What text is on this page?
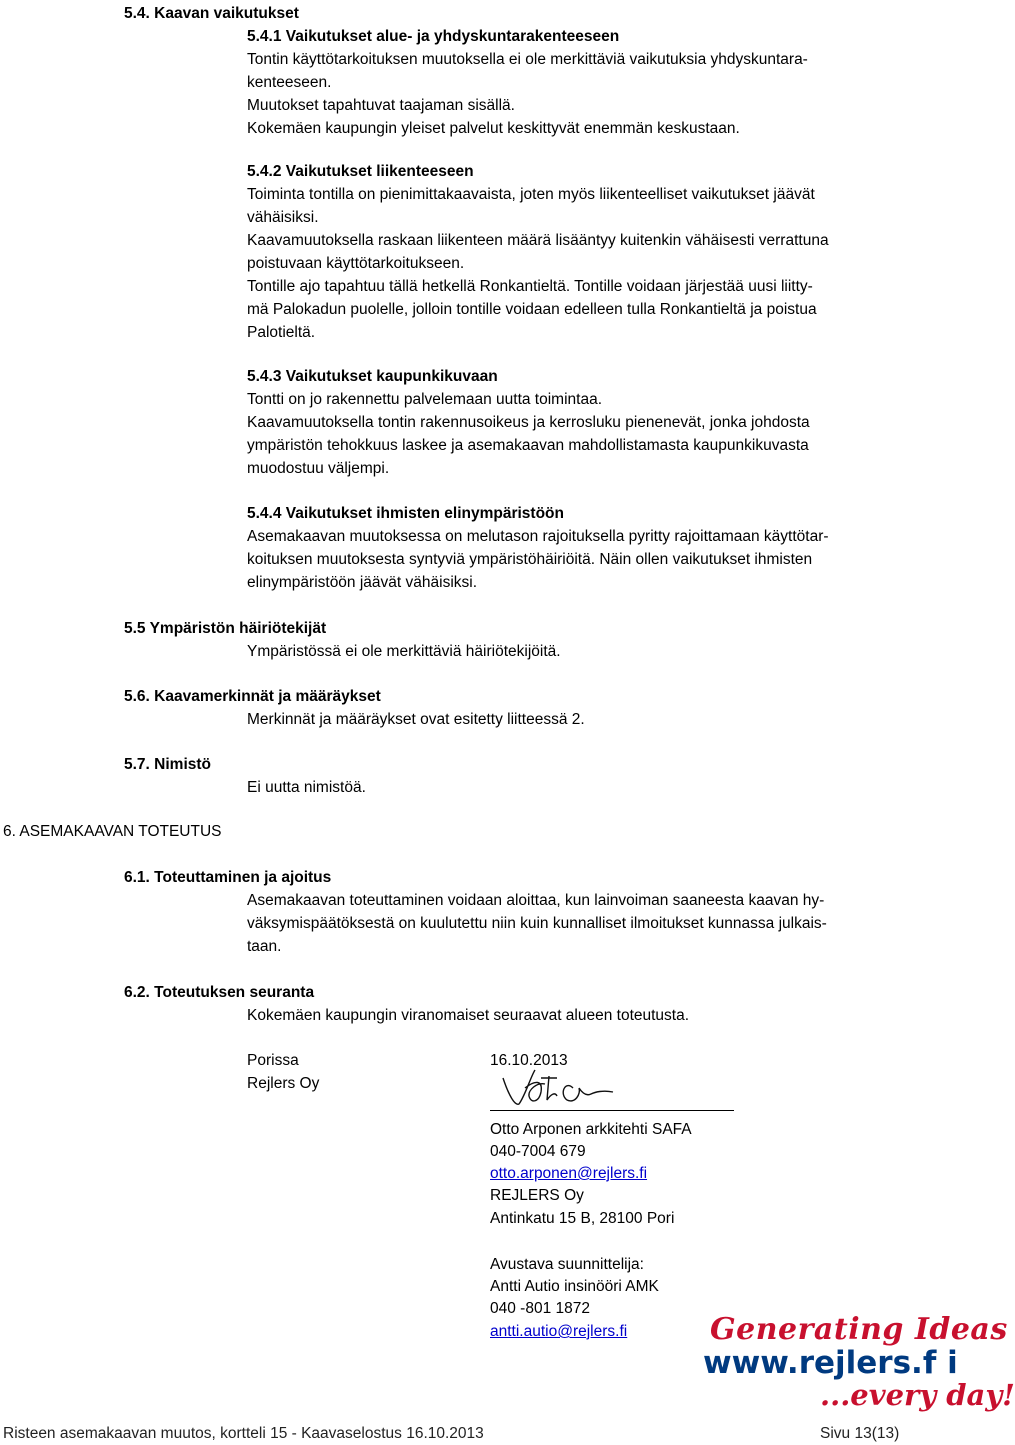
5.4. Kaavan vaikutukset
5.4.1 Vaikutukset alue- ja yhdyskuntarakenteeseen
Tontin käyttötarkoituksen muutoksella ei ole merkittäviä vaikutuksia yhdyskuntara-
kenteeseen.
Muutokset tapahtuvat taajaman sisällä.
Kokemäen kaupungin yleiset palvelut keskittyvät enemmän keskustaan.
5.4.2 Vaikutukset liikenteeseen
Toiminta tontilla on pienimittakaavaista, joten myös liikenteelliset vaikutukset jäävät
vähäisiksi.
Kaavamuutoksella raskaan liikenteen määrä lisääntyy kuitenkin vähäisesti verrattuna
poistuvaan käyttötarkoitukseen.
Tontille ajo tapahtuu tällä hetkellä Ronkantieltä. Tontille voidaan järjestää uusi liitty-
mä Palokadun puolelle, jolloin tontille voidaan edelleen tulla Ronkantieltä ja poistua
Palotieltä.
5.4.3 Vaikutukset kaupunkikuvaan
Tontti on jo rakennettu palvelemaan uutta toimintaa.
Kaavamuutoksella tontin rakennusoikeus ja kerrosluku pienenevät, jonka johdosta
ympäristön tehokkuus laskee ja asemakaavan mahdollistamasta kaupunkikuvasta
muodostuu väljempi.
5.4.4 Vaikutukset ihmisten elinympäristöön
Asemakaavan muutoksessa on melutason rajoituksella pyritty rajoittamaan käyttötar-
koituksen muutoksesta syntyviä ympäristöhäiriöitä. Näin ollen vaikutukset ihmisten
elinympäristöön jäävät vähäisiksi.
5.5 Ympäristön häiriötekijät
Ympäristössä ei ole merkittäviä häiriötekijöitä.
5.6. Kaavamerkinnät ja määräykset
Merkinnät ja määräykset ovat esitetty liitteessä 2.
5.7. Nimistö
Ei uutta nimistöä.
6. ASEMAKAAVAN TOTEUTUS
6.1. Toteuttaminen ja ajoitus
Asemakaavan toteuttaminen voidaan aloittaa, kun lainvoiman saaneesta kaavan hy-
väksymispäätöksestä on kuulutettu niin kuin kunnalliset ilmoitukset kunnassa julkais-
taan.
6.2. Toteutuksen seuranta
Kokemäen kaupungin viranomaiset seuraavat alueen toteutusta.
Porissa	16.10.2013
Rejlers Oy
Otto Arponen arkkitehti SAFA
040-7004 679
otto.arponen@rejlers.fi
REJLERS Oy
Antinkatu 15 B, 28100 Pori
Avustava suunnittelija:
Antti Autio insinööri AMK
040 -801 1872
antti.autio@rejlers.fi	Generating Ideas
www.rejlers.f i
...every day!
Risteen asemakaavan muutos, kortteli 15 - Kaavaselostus 16.10.2013	Sivu 13(13)
